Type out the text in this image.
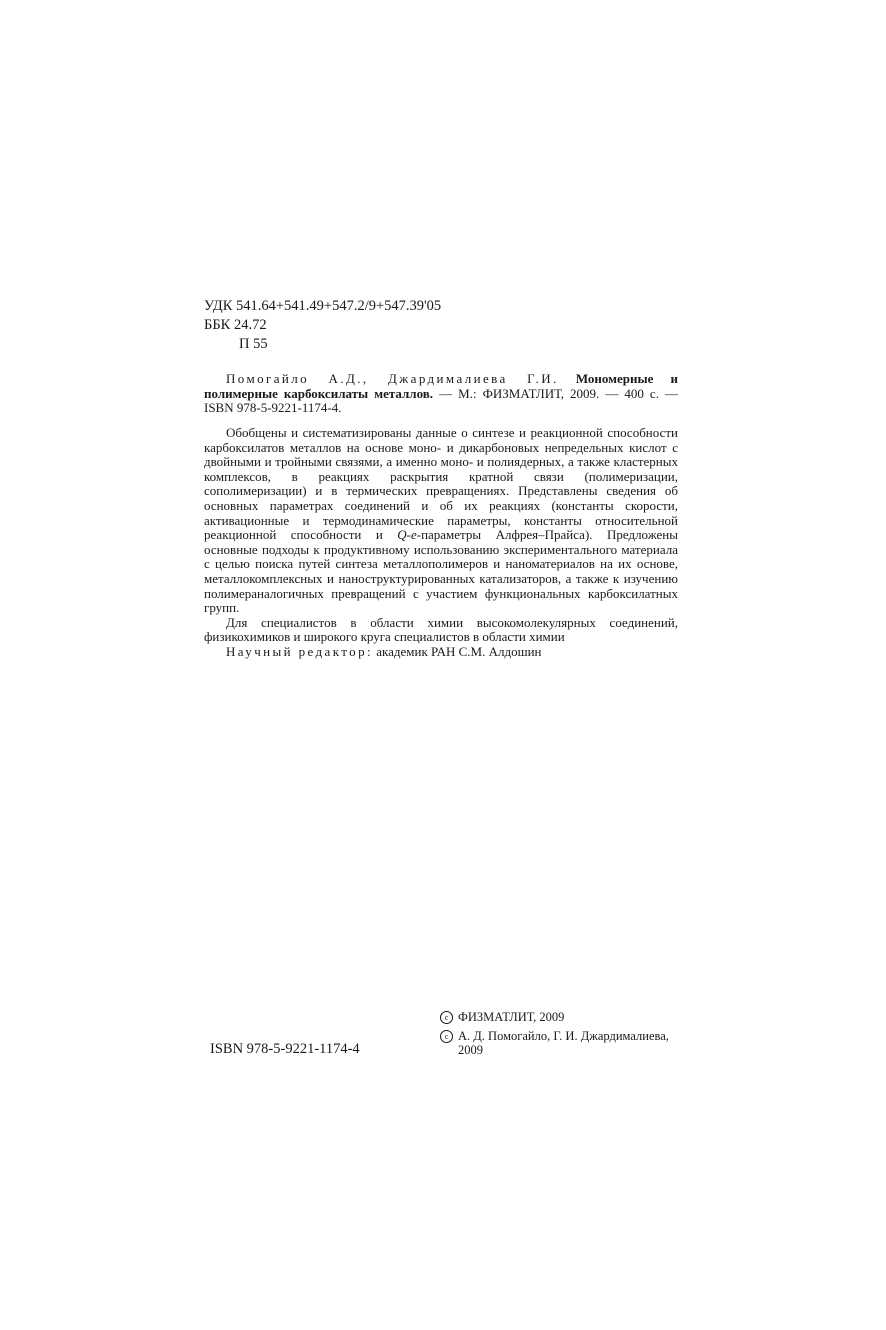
УДК 541.64+541.49+547.2/9+547.39'05
ББК 24.72
П 55

Помогайло А.Д., Джардималиева Г.И. Мономерные и полимерные карбоксилаты металлов. — М.: ФИЗМАТЛИТ, 2009. — 400 с. — ISBN 978-5-9221-1174-4.

Обобщены и систематизированы данные о синтезе и реакционной способности карбоксилатов металлов на основе моно- и дикарбоновых непредельных кислот с двойными и тройными связями, а именно моно- и полиядерных, а также кластерных комплексов, в реакциях раскрытия кратной связи (полимеризации, сополимеризации) и в термических превращениях. Представлены сведения об основных параметрах соединений и об их реакциях (константы скорости, активационные и термодинамические параметры, константы относительной реакционной способности и Q-e-параметры Алфрея–Прайса). Предложены основные подходы к продуктивному использованию экспериментального материала с целью поиска путей синтеза металлополимеров и наноматериалов на их основе, металлокомплексных и наноструктурированных катализаторов, а также к изучению полимераналогичных превращений с участием функциональных карбоксилатных групп.

Для специалистов в области химии высокомолекулярных соединений, физикохимиков и широкого круга специалистов в области химии

Научный редактор: академик РАН С.М. Алдошин

ISBN 978-5-9221-1174-4
c ФИЗМАТЛИТ, 2009
c А. Д. Помогайло, Г. И. Джардималиева, 2009
